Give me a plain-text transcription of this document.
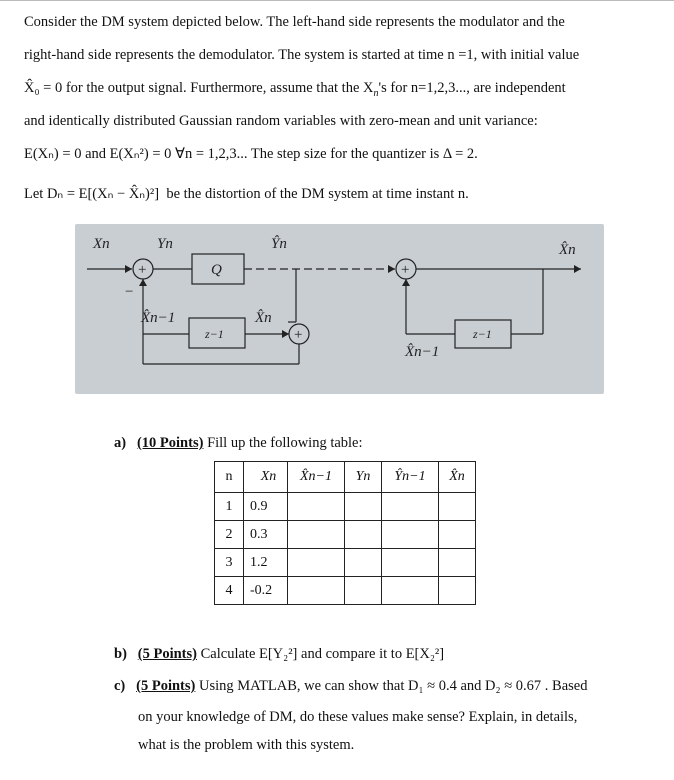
Consider the DM system depicted below. The left-hand side represents the modulator and the
right-hand side represents the demodulator. The system is started at time n =1, with initial value
X̂₀ = 0 for the output signal. Furthermore, assume that the $X_n's$ for n=1,2,3..., are independent
and identically distributed Gaussian random variables with zero-mean and unit variance:
E(Xₙ) = 0 and E(Xₙ²) = 0 ∀n = 1,2,3... The step size for the quantizer is Δ = 2.
Let Dₙ = E[(Xₙ − X̂ₙ)²] be the distortion of the DM system at time instant n.
Xn	Yn
Q
Ŷn	X̂n
X̂n−1	X̂n
z−1	z−1
X̂n−1
+	+
+
−
a) (10 Points) Fill up the following table:
n	Xn	X̂n−1	Yn	Ŷn−1	X̂n
1	0.9				
2	0.3				
3	1.2				
4	-0.2				
b) (5 Points) Calculate E[Y₂²] and compare it to E[X₂²]
c) (5 Points) Using MATLAB, we can show that D₁ ≈ 0.4 and D₂ ≈ 0.67 . Based
on your knowledge of DM, do these values make sense? Explain, in details,
what is the problem with this system.
